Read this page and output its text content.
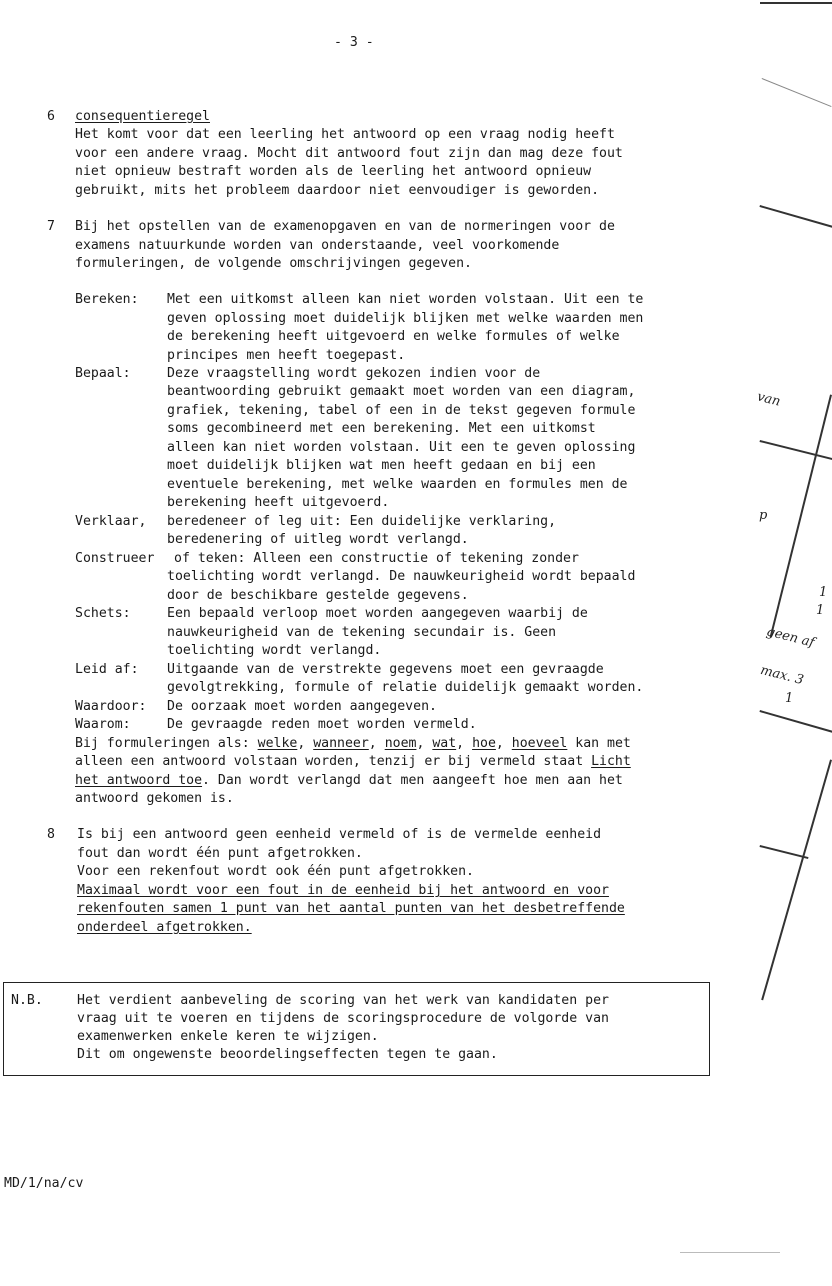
- 3 -
6 consequentieregel
Het komt voor dat een leerling het antwoord op een vraag nodig heeft
voor een andere vraag. Mocht dit antwoord fout zijn dan mag deze fout
niet opnieuw bestraft worden als de leerling het antwoord opnieuw
gebruikt, mits het probleem daardoor niet eenvoudiger is geworden.
7 Bij het opstellen van de examenopgaven en van de normeringen voor de
examens natuurkunde worden van onderstaande, veel voorkomende
formuleringen, de volgende omschrijvingen gegeven.
Bereken: Met een uitkomst alleen kan niet worden volstaan. Uit een te
geven oplossing moet duidelijk blijken met welke waarden men
de berekening heeft uitgevoerd en welke formules of welke
principes men heeft toegepast.
Bepaal:	Deze vraagstelling wordt gekozen indien voor de
beantwoording gebruikt gemaakt moet worden van een diagram,
grafiek, tekening, tabel of een in de tekst gegeven formule
soms gecombineerd met een berekening. Met een uitkomst
alleen kan niet worden volstaan. Uit een te geven oplossing
moet duidelijk blijken wat men heeft gedaan en bij een
eventuele berekening, met welke waarden en formules men de
berekening heeft uitgevoerd.
Verklaar, beredeneer of leg uit: Een duidelijke verklaring,
beredenering of uitleg wordt verlangd.
Construeer of teken: Alleen een constructie of tekening zonder
toelichting wordt verlangd. De nauwkeurigheid wordt bepaald
door de beschikbare gestelde gegevens.
Schets:	Een bepaald verloop moet worden aangegeven waarbij de
nauwkeurigheid van de tekening secundair is. Geen
toelichting wordt verlangd.
Leid af: Uitgaande van de verstrekte gegevens moet een gevraagde
gevolgtrekking, formule of relatie duidelijk gemaakt worden.
Waardoor: De oorzaak moet worden aangegeven.
Waarom:	De gevraagde reden moet worden vermeld.
Bij formuleringen als: welke, wanneer, noem, wat, hoe, hoeveel kan met
alleen een antwoord volstaan worden, tenzij er bij vermeld staat Licht
het antwoord toe. Dan wordt verlangd dat men aangeeft hoe men aan het
antwoord gekomen is.
8 Is bij een antwoord geen eenheid vermeld of is de vermelde eenheid
fout dan wordt één punt afgetrokken.
Voor een rekenfout wordt ook één punt afgetrokken.
Maximaal wordt voor een fout in de eenheid bij het antwoord en voor
rekenfouten samen 1 punt van het aantal punten van het desbetreffende
onderdeel afgetrokken.
N.B.	Het verdient aanbeveling de scoring van het werk van kandidaten per
vraag uit te voeren en tijdens de scoringsprocedure de volgorde van
examenwerken enkele keren te wijzigen.
Dit om ongewenste beoordelingseffecten tegen te gaan.
MD/1/na/cv
van
p
1
1
geen af
max. 3
1
